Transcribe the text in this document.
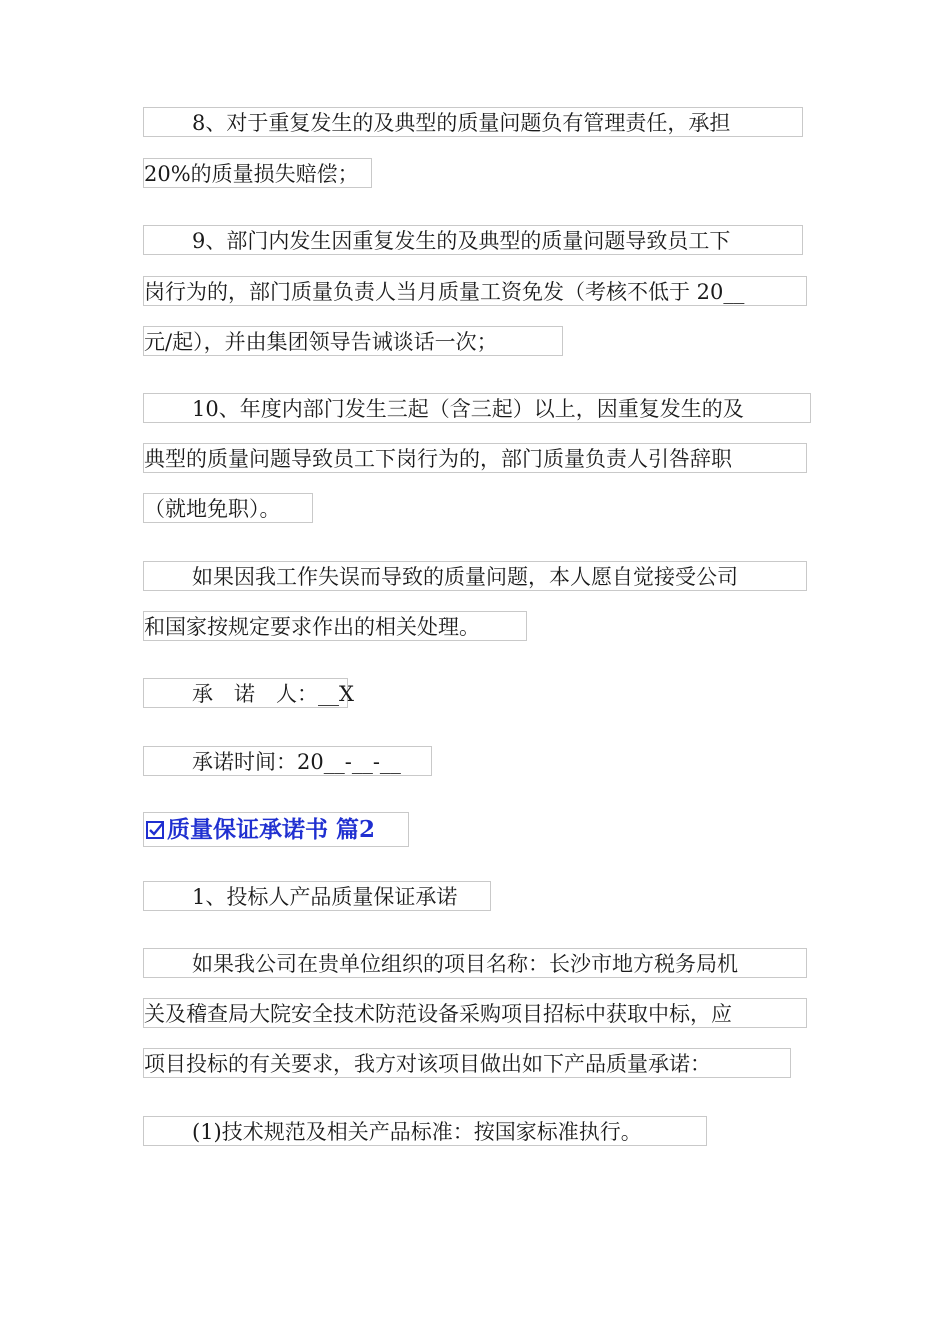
8、对于重复发生的及典型的质量问题负有管理责任，承担
20%的质量损失赔偿；
9、部门内发生因重复发生的及典型的质量问题导致员工下
岗行为的，部门质量负责人当月质量工资免发（考核不低于 20__
元/起），并由集团领导告诫谈话一次；
10、年度内部门发生三起（含三起）以上，因重复发生的及
典型的质量问题导致员工下岗行为的，部门质量负责人引咎辞职
（就地免职）。
如果因我工作失误而导致的质量问题，本人愿自觉接受公司
和国家按规定要求作出的相关处理。
承　诺　人：__X
承诺时间：20__-__-__
质量保证承诺书 篇2
1、投标人产品质量保证承诺
如果我公司在贵单位组织的项目名称：长沙市地方税务局机
关及稽查局大院安全技术防范设备采购项目招标中获取中标，应
项目投标的有关要求，我方对该项目做出如下产品质量承诺：
(1)技术规范及相关产品标准：按国家标准执行。
